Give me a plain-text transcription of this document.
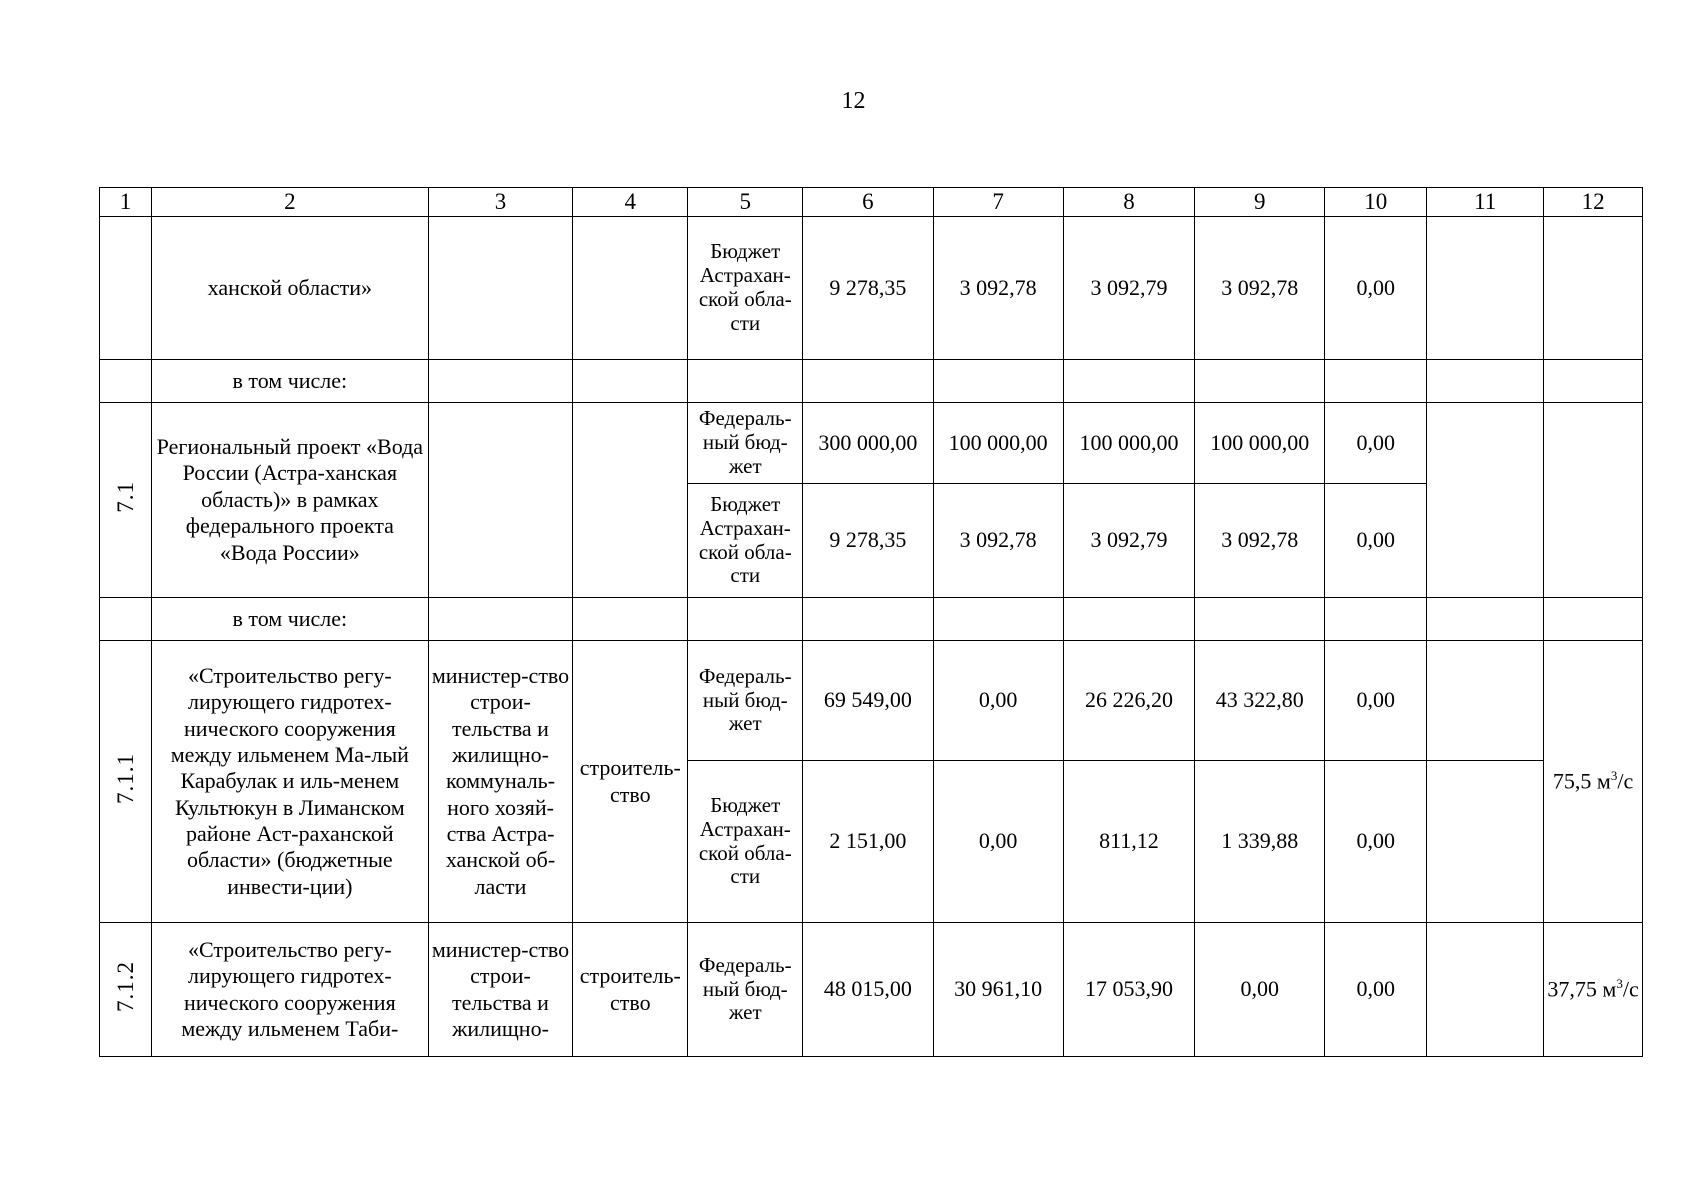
12
1	2	3	4	5	6	7	8	9	10	11	12
	ханской области»			Бюджет Астрахан-ской обла-сти	9 278,35	3 092,78	3 092,79	3 092,78	0,00		
	в том числе:										
7.1	Региональный проект «Вода России (Астра-ханская область)» в рамках федерального проекта «Вода России»			Федераль-ный бюд-жет	300 000,00	100 000,00	100 000,00	100 000,00	0,00		
				Бюджет Астрахан-ской обла-сти	9 278,35	3 092,78	3 092,79	3 092,78	0,00		
	в том числе:										
7.1.1	«Строительство регу-лирующего гидротех-нического сооружения между ильменем Ма-лый Карабулак и иль-менем Культюкун в Лиманском районе Аст-раханской области» (бюджетные инвести-ции)	министер-ство строи-тельства и жилищно-коммуналь-ного хозяй-ства Астра-ханской об-ласти	строитель-ство	Федераль-ный бюд-жет	69 549,00	0,00	26 226,20	43 322,80	0,00		75,5 $м^3/с$
				Бюджет Астрахан-ской обла-сти	2 151,00	0,00	811,12	1 339,88	0,00		
7.1.2	«Строительство регу-лирующего гидротех-нического сооружения между ильменем Таби-	министер-ство строи-тельства и жилищно-	строитель-ство	Федераль-ный бюд-жет	48 015,00	30 961,10	17 053,90	0,00	0,00		37,75 $м^3/с$
